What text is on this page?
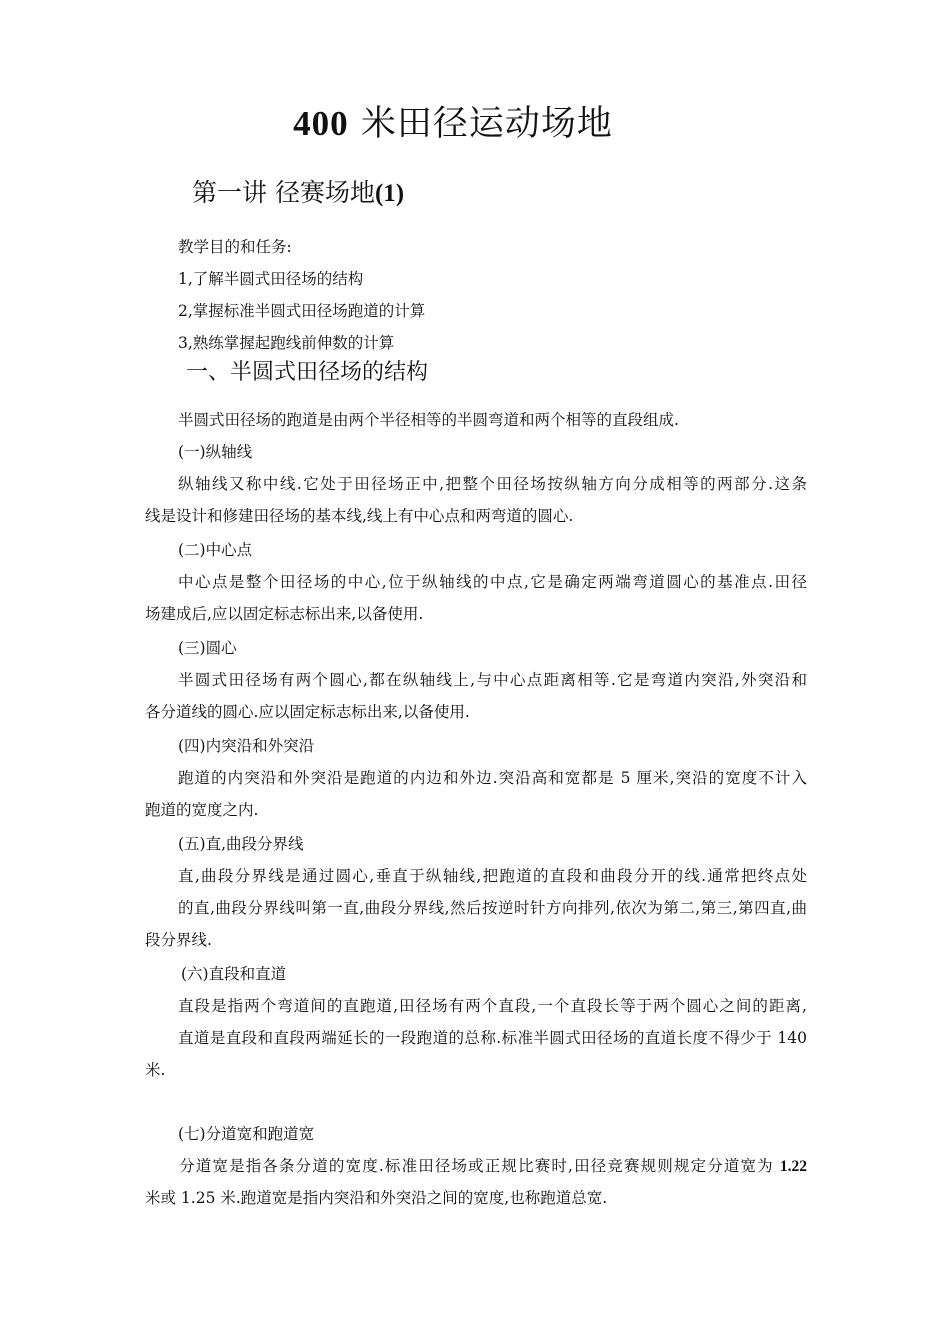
400 米田径运动场地
第一讲 径赛场地(1)
教学目的和任务:
1,了解半圆式田径场的结构
2,掌握标准半圆式田径场跑道的计算
3,熟练掌握起跑线前伸数的计算
一、半圆式田径场的结构
半圆式田径场的跑道是由两个半径相等的半圆弯道和两个相等的直段组成.
(一)纵轴线
纵轴线又称中线.它处于田径场正中,把整个田径场按纵轴方向分成相等的两部分.这条
线是设计和修建田径场的基本线,线上有中心点和两弯道的圆心.
(二)中心点
中心点是整个田径场的中心,位于纵轴线的中点,它是确定两端弯道圆心的基准点.田径
场建成后,应以固定标志标出来,以备使用.
(三)圆心
半圆式田径场有两个圆心,都在纵轴线上,与中心点距离相等.它是弯道内突沿,外突沿和
各分道线的圆心.应以固定标志标出来,以备使用.
(四)内突沿和外突沿
跑道的内突沿和外突沿是跑道的内边和外边.突沿高和宽都是 5 厘米,突沿的宽度不计入
跑道的宽度之内.
(五)直,曲段分界线
直,曲段分界线是通过圆心,垂直于纵轴线,把跑道的直段和曲段分开的线.通常把终点处
的直,曲段分界线叫第一直,曲段分界线,然后按逆时针方向排列,依次为第二,第三,第四直,曲
段分界线.
(六)直段和直道
直段是指两个弯道间的直跑道,田径场有两个直段,一个直段长等于两个圆心之间的距离,
直道是直段和直段两端延长的一段跑道的总称.标准半圆式田径场的直道长度不得少于 140
米.
(七)分道宽和跑道宽
分道宽是指各条分道的宽度.标准田径场或正规比赛时,田径竞赛规则规定分道宽为 1.22
米或 1.25 米.跑道宽是指内突沿和外突沿之间的宽度,也称跑道总宽.
